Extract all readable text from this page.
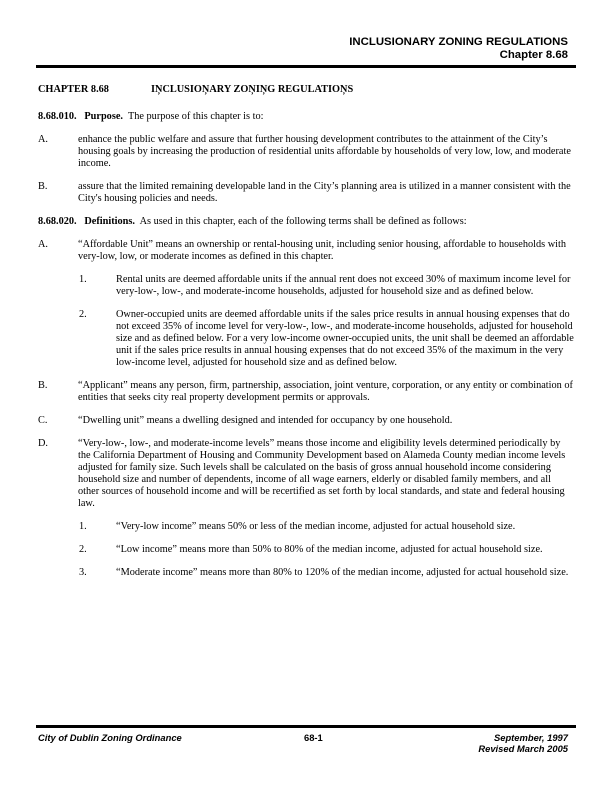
INCLUSIONARY ZONING REGULATIONS
Chapter 8.68
CHAPTER 8.68	IŅCLUSIOŅARY ZOŅIŅG REGULATIOŅS

8.68.010. Purpose. The purpose of this chapter is to:

A.	enhance the public welfare and assure that further housing development contributes to the attainment of the City’s housing goals by increasing the production of residential units affordable by households of very low, low, and moderate income.
B.	assure that the limited remaining developable land in the City’s planning area is utilized in a manner consistent with the City's housing policies and needs.

8.68.020. Definitions. As used in this chapter, each of the following terms shall be defined as follows:

A.	“Affordable Unit” means an ownership or rental-housing unit, including senior housing, affordable to households with very-low, low, or moderate incomes as defined in this chapter.
1.	Rental units are deemed affordable units if the annual rent does not exceed 30% of maximum income level for very-low-, low-, and moderate-income households, adjusted for household size and as defined below.
2.	Owner-occupied units are deemed affordable units if the sales price results in annual housing expenses that do not exceed 35% of income level for very-low-, low-, and moderate-income households, adjusted for household size and as defined below. For a very low-income owner-occupied units, the unit shall be deemed an affordable unit if the sales price results in annual housing expenses that do not exceed 35% of the maximum in the very low-income level, adjusted for household size and as defined below.
B.	“Applicant” means any person, firm, partnership, association, joint venture, corporation, or any entity or combination of entities that seeks city real property development permits or approvals.
C.	“Dwelling unit” means a dwelling designed and intended for occupancy by one household.
D.	“Very-low-, low-, and moderate-income levels” means those income and eligibility levels determined periodically by the California Department of Housing and Community Development based on Alameda County median income levels adjusted for family size. Such levels shall be calculated on the basis of gross annual household income considering household size and number of dependents, income of all wage earners, elderly or disabled family members, and all other sources of household income and will be recertified as set forth by local standards, and state and federal housing law.
1.	“Very-low income” means 50% or less of the median income, adjusted for actual household size.
2.	“Low income” means more than 50% to 80% of the median income, adjusted for actual household size.
3.	“Moderate income” means more than 80% to 120% of the median income, adjusted for actual household size.
City of Dublin Zoning Ordinance	68-1	September, 1997
Revised March 2005
